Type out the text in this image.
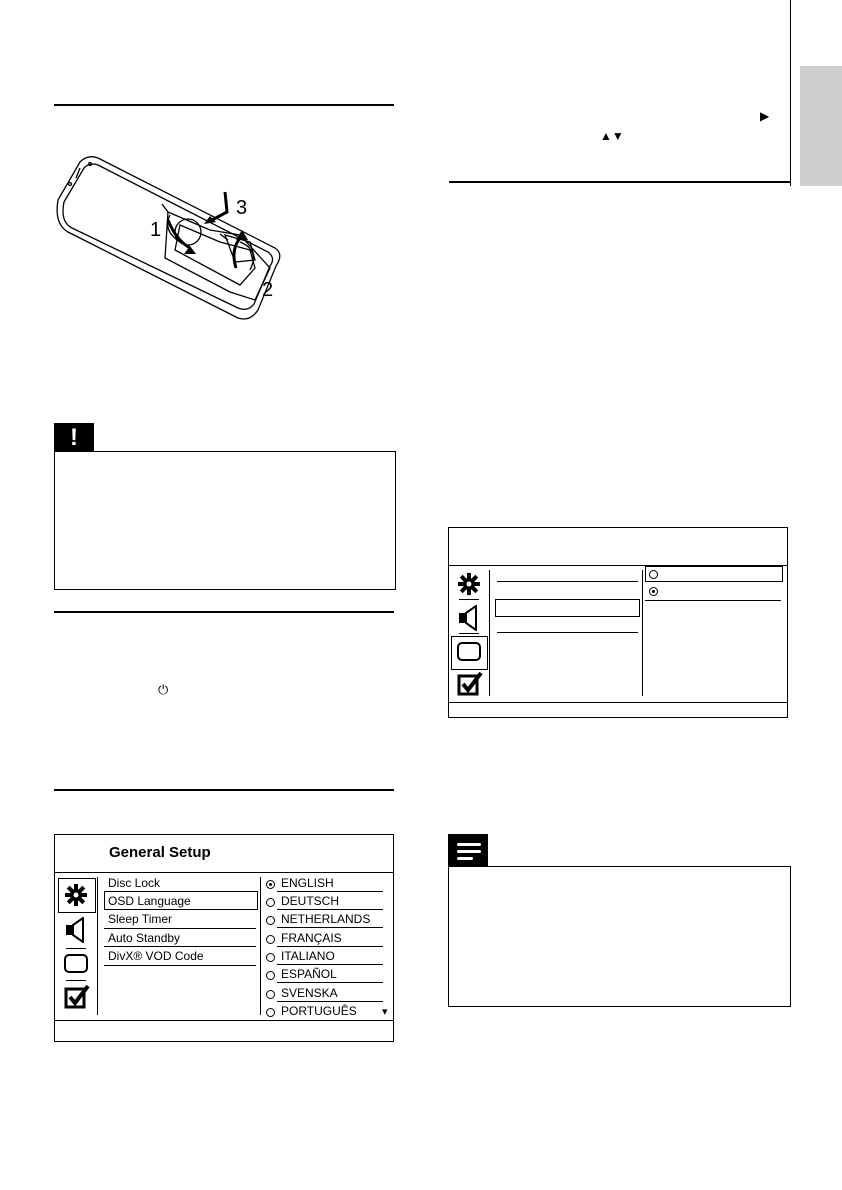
▶
▲▼
1
2
3
!
⏻
General Setup
Disc Lock
OSD Language
Sleep Timer
Auto Standby
DivX® VOD Code
ENGLISH
DEUTSCH
NETHERLANDS
FRANÇAIS
ITALIANO
ESPAÑOL
SVENSKA
PORTUGUÊS ▾
